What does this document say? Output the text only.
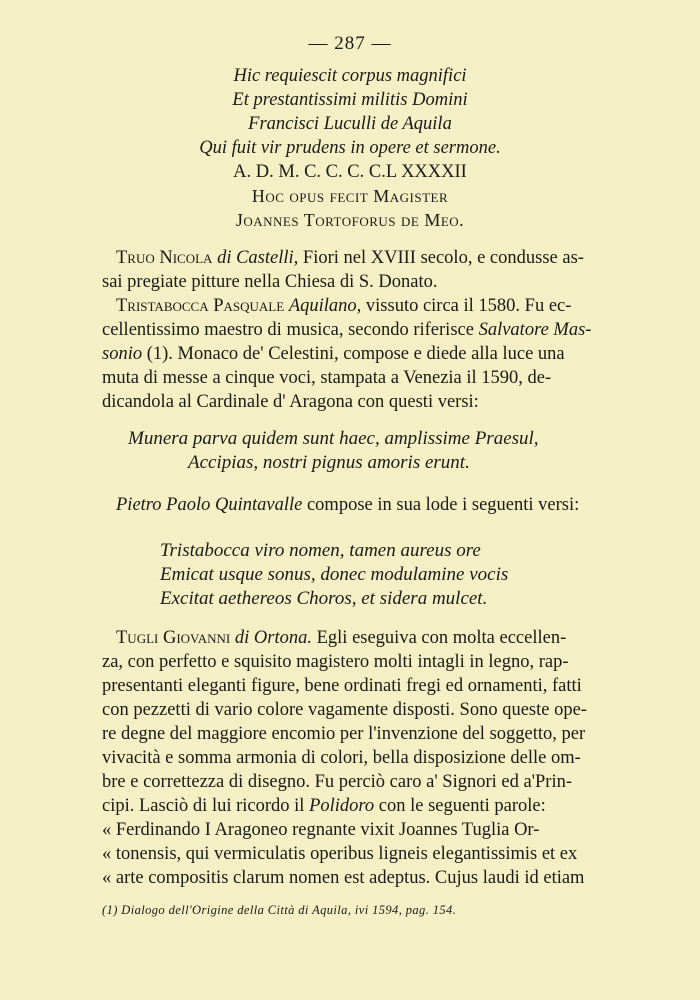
— 287 —
Hic requiescit corpus magnifici
Et prestantissimi militis Domini
Francisci Luculli de Aquila
Qui fuit vir prudens in opere et sermone.
A. D. M. C. C. C. C.L XXXXII
Hoc opus fecit Magister
Joannes Tortoforus de Meo.
Truo Nicola di Castelli, Fiori nel XVIII secolo, e condusse as-
sai pregiate pitture nella Chiesa di S. Donato.
Tristabocca Pasquale Aquilano, vissuto circa il 1580. Fu ec-
cellentissimo maestro di musica, secondo riferisce Salvatore Mas-
sonio (1). Monaco de' Celestini, compose e diede alla luce una
muta di messe a cinque voci, stampata a Venezia il 1590, de-
dicandola al Cardinale d' Aragona con questi versi:
Munera parva quidem sunt haec, amplissime Praesul,
Accipias, nostri pignus amoris erunt.
Pietro Paolo Quintavalle compose in sua lode i seguenti versi:
Tristabocca viro nomen, tamen aureus ore
Emicat usque sonus, donec modulamine vocis
Excitat aethereos Choros, et sidera mulcet.
Tugli Giovanni di Ortona. Egli eseguiva con molta eccellen-
za, con perfetto e squisito magistero molti intagli in legno, rap-
presentanti eleganti figure, bene ordinati fregi ed ornamenti, fatti
con pezzetti di vario colore vagamente disposti. Sono queste ope-
re degne del maggiore encomio per l'invenzione del soggetto, per
vivacità e somma armonia di colori, bella disposizione delle om-
bre e correttezza di disegno. Fu perciò caro a' Signori ed a'Prin-
cipi. Lasciò di lui ricordo il Polidoro con le seguenti parole:
« Ferdinando I Aragoneo regnante vixit Joannes Tuglia Or-
« tonensis, qui vermiculatis operibus ligneis elegantissimis et ex
« arte compositis clarum nomen est adeptus. Cujus laudi id etiam
(1) Dialogo dell'Origine della Città di Aquila, ivi 1594, pag. 154.
